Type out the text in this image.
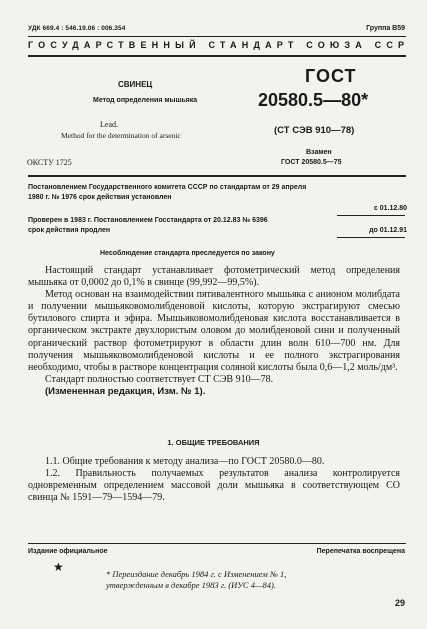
УДК 669.4 : 546.19.06 : 006.354	Группа В59
ГОСУДАРСТВЕННЫЙ СТАНДАРТ СОЮЗА ССР
СВИНЕЦ
Метод определения мышьяка
Lead.
Method for the determination of arsenic
ГОСТ
20580.5—80*
(СТ СЭВ 910—78)
Взамен
ГОСТ 20580.5—75
ОКСТУ 1725
Постановлением Государственного комитета СССР по стандартам от 29 апреля
1980 г. № 1976 срок действия установлен
с 01.12.80
Проверен в 1983 г. Постановлением Госстандарта от 20.12.83 № 6396
срок действия продлен	до 01.12.91
Несоблюдение стандарта преследуется по закону

Настоящий стандарт устанавливает фотометрический метод определения мышьяка от 0,0002 до 0,1% в свинце (99,992—99,5%).

Метод основан на взаимодействии пятивалентного мышьяка с анионом молибдата и получении мышьяковомолибденовой кислоты, которую экстрагируют смесью бутилового спирта и эфира. Мышьяковомолибденовая кислота восстанавливается в органическом экстракте двухлористым оловом до молибденовой сини и полученный органический раствор фотометрируют в области длин волн 610—700 нм. Для получения мышьяковомолибденовой кислоты и ее полного экстрагирования необходимо, чтобы в растворе концентрация соляной кислоты была 0,6—1,2 моль/дм³.

Стандарт полностью соответствует СТ СЭВ 910—78.

(Измененная редакция, Изм. № 1).

1. ОБЩИЕ ТРЕБОВАНИЯ

1.1. Общие требования к методу анализа—по ГОСТ 20580.0—80.

1.2. Правильность получаемых результатов анализа контролируется одновременным определением массовой доли мышьяка в соответствующем СО свинца № 1591—79—1594—79.

Издание официальное	Перепечатка воспрещена
★	* Переиздание декабрь 1984 г. с Изменением № 1,
утвержденным в декабре 1983 г. (ИУС 4—84).
29
